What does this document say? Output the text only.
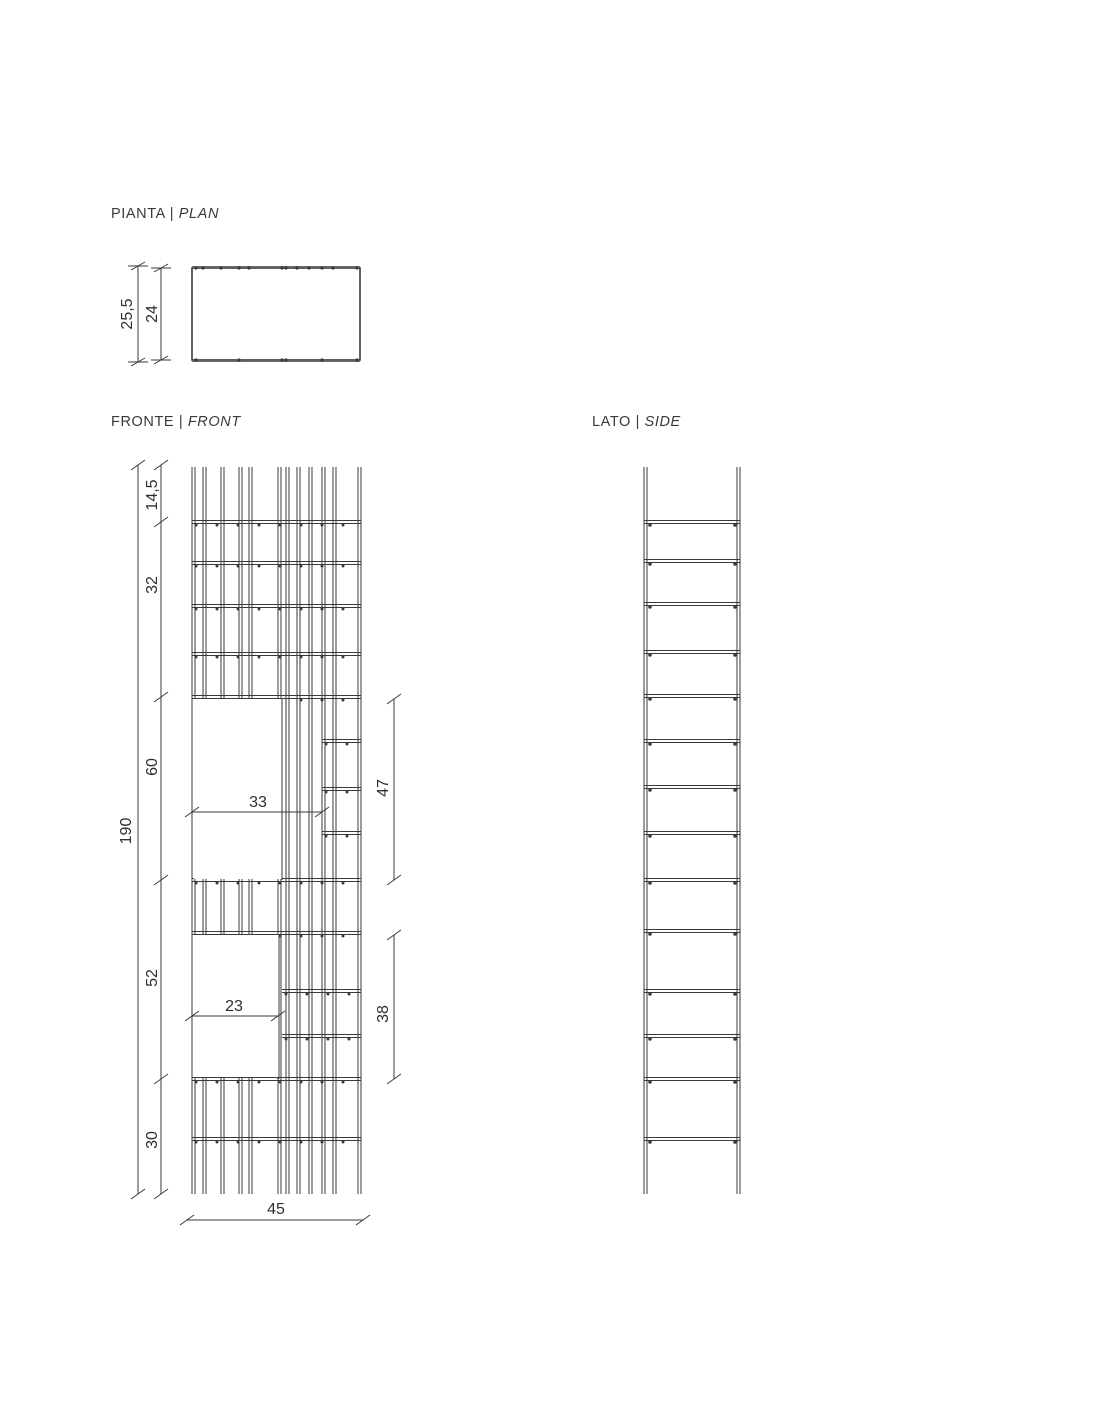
PIANTA | PLAN
FRONTE | FRONT	LATO | SIDE
25,5 24
14,5
32
60
52
30
190
33
23
47
38
45
